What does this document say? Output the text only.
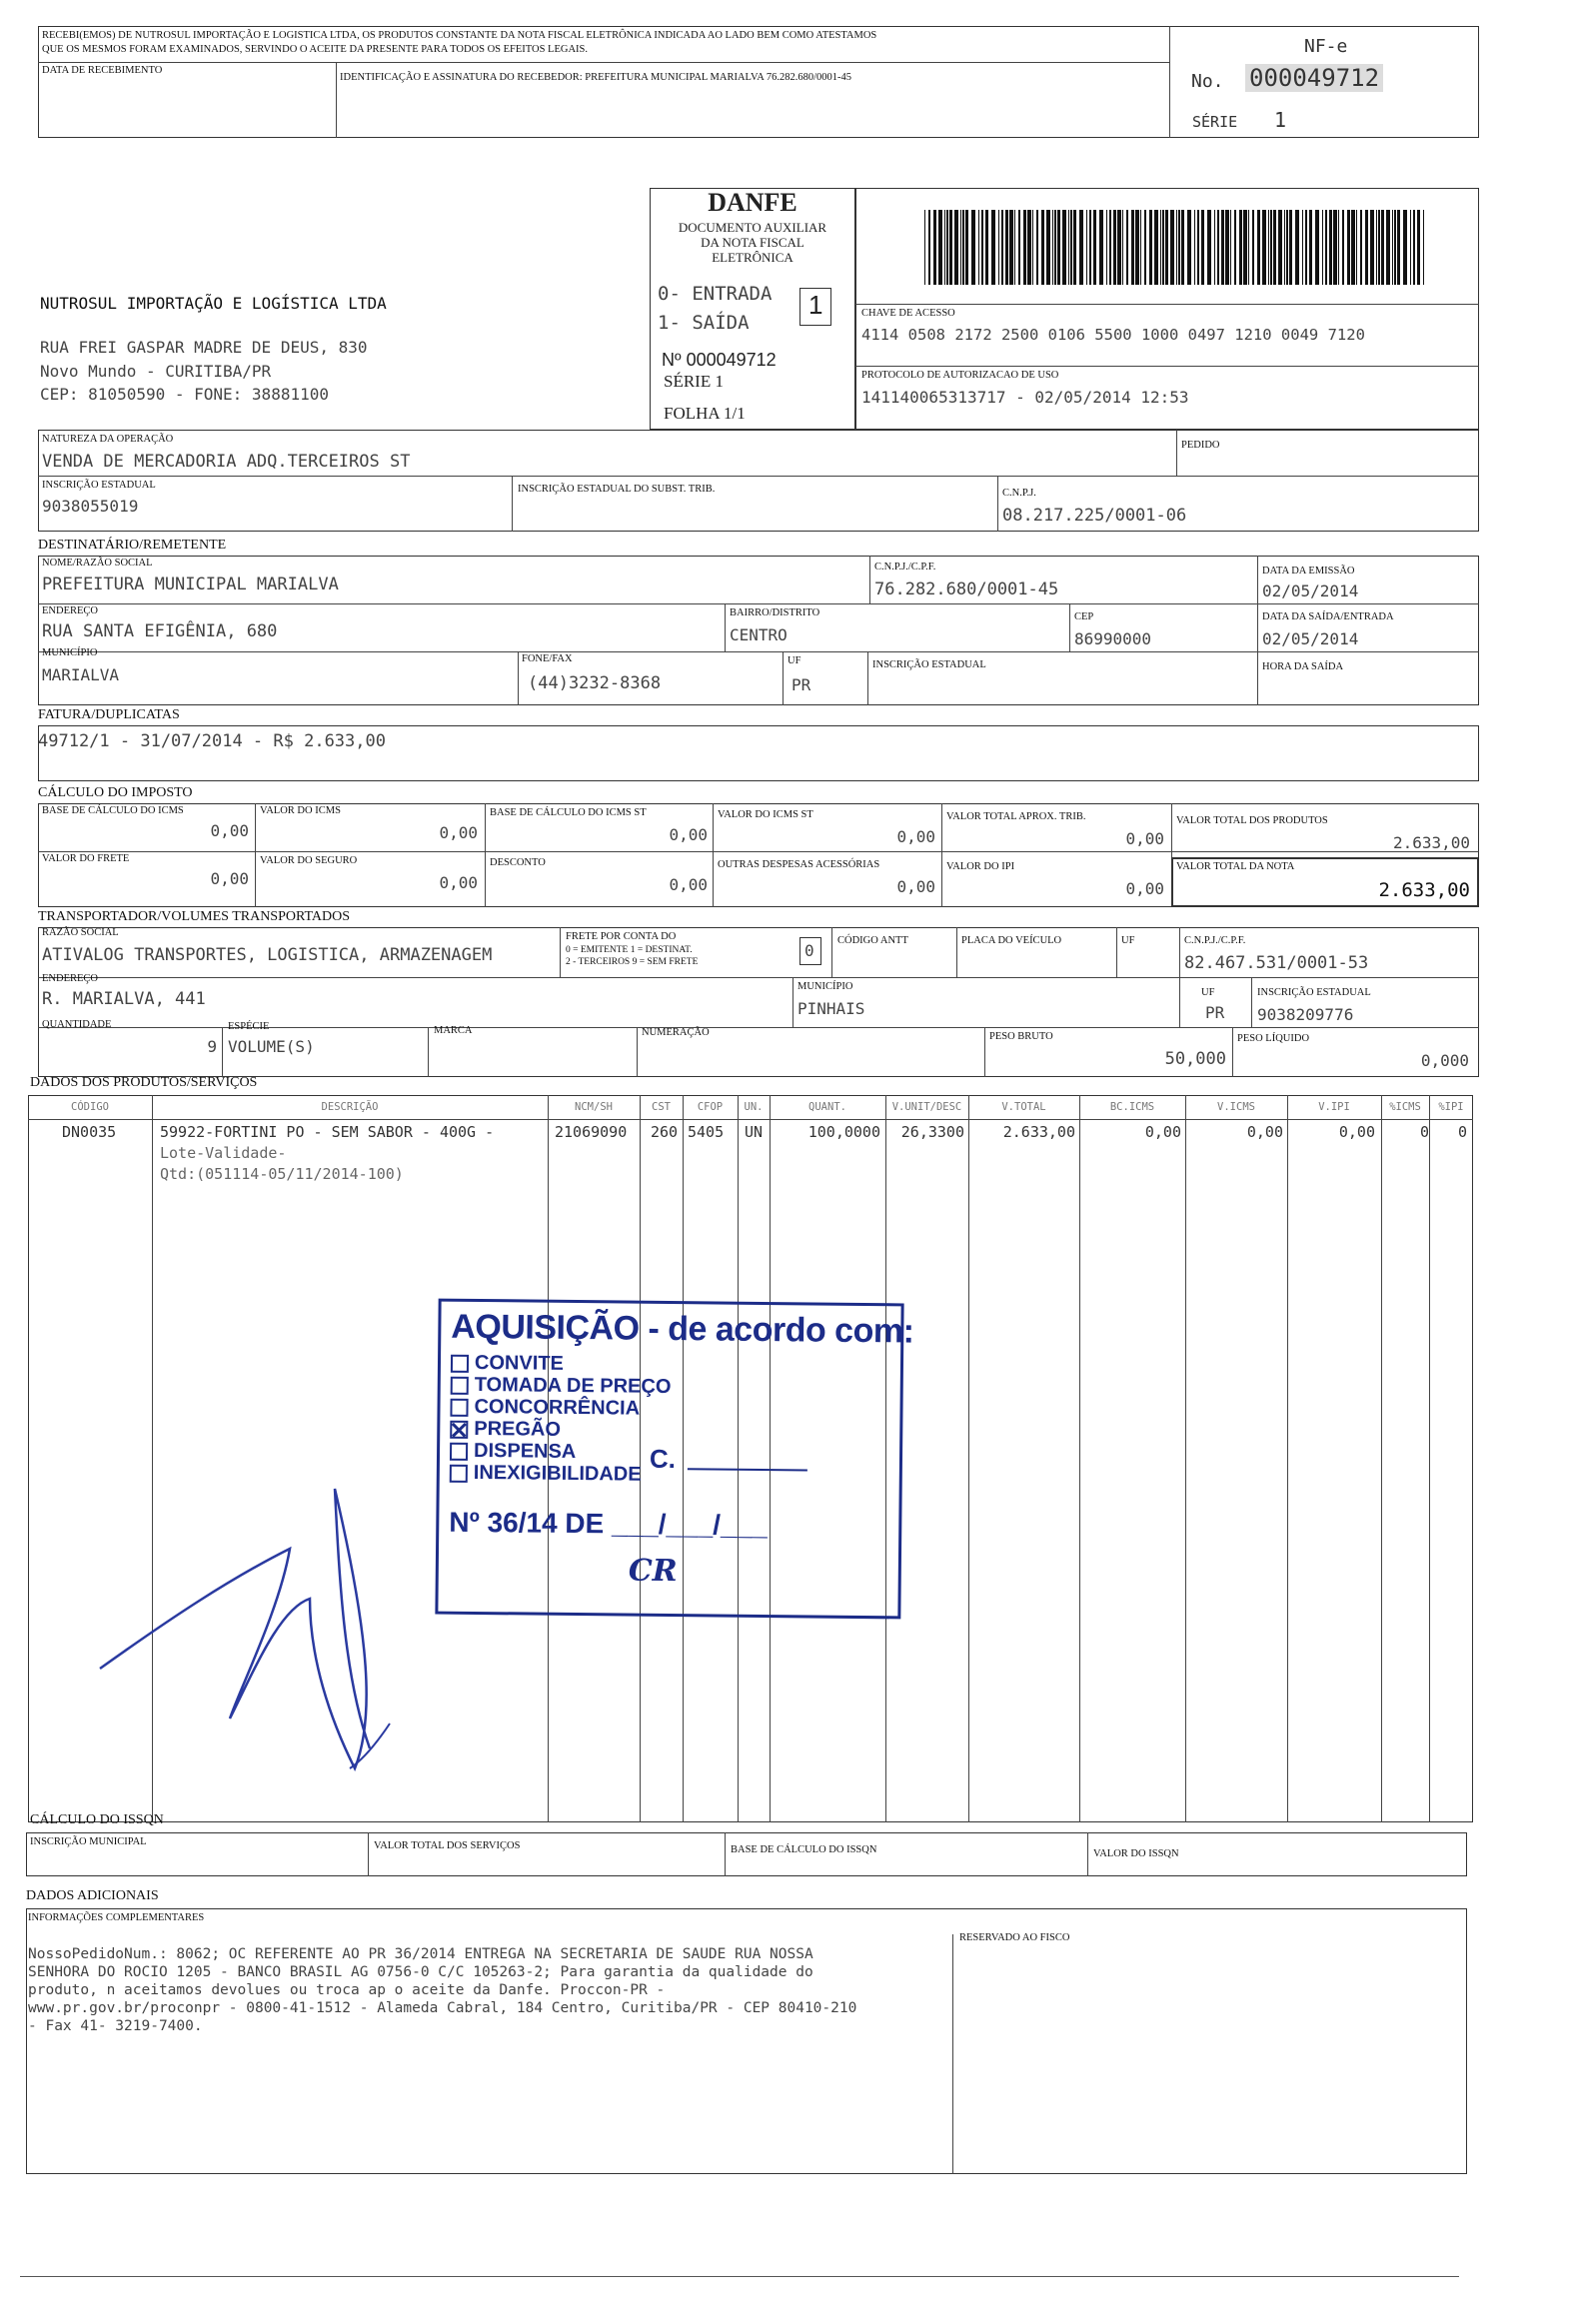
RECEBI(EMOS) DE NUTROSUL IMPORTAÇÃO E LOGISTICA LTDA, OS PRODUTOS CONSTANTE DA NOTA FISCAL ELETRÔNICA INDICADA AO LADO BEM COMO ATESTAMOS
QUE OS MESMOS FORAM EXAMINADOS, SERVINDO O ACEITE DA PRESENTE PARA TODOS OS EFEITOS LEGAIS.
DATA DE RECEBIMENTO
IDENTIFICAÇÃO E ASSINATURA DO RECEBEDOR: PREFEITURA MUNICIPAL MARIALVA 76.282.680/0001-45
NF-e
No. 000049712
SÉRIE 1
NUTROSUL IMPORTAÇÃO E LOGÍSTICA LTDA
RUA FREI GASPAR MADRE DE DEUS, 830
Novo Mundo - CURITIBA/PR
CEP: 81050590 - FONE: 38881100
DANFE
DOCUMENTO AUXILIAR
DA NOTA FISCAL
ELETRÔNICA
0- ENTRADA
1- SAÍDA
1
Nº 000049712
SÉRIE 1
FOLHA 1/1
CHAVE DE ACESSO
4114 0508 2172 2500 0106 5500 1000 0497 1210 0049 7120
PROTOCOLO DE AUTORIZACAO DE USO
141140065313717 - 02/05/2014 12:53
NATUREZA DA OPERAÇÃO
VENDA DE MERCADORIA ADQ.TERCEIROS ST
PEDIDO
INSCRIÇÃO ESTADUAL
9038055019
INSCRIÇÃO ESTADUAL DO SUBST. TRIB.	C.N.P.J.
08.217.225/0001-06
DESTINATÁRIO/REMETENTE
NOME/RAZÃO SOCIAL
PREFEITURA MUNICIPAL MARIALVA
C.N.P.J./C.P.F.
76.282.680/0001-45
DATA DA EMISSÃO
02/05/2014
ENDEREÇO
RUA SANTA EFIGÊNIA, 680
BAIRRO/DISTRITO
CENTRO
CEP
86990000
DATA DA SAÍDA/ENTRADA
02/05/2014
MUNICÍPIO
MARIALVA
FONE/FAX
(44)3232-8368
UF
PR
INSCRIÇÃO ESTADUAL	HORA DA SAÍDA
FATURA/DUPLICATAS
49712/1 - 31/07/2014 - R$ 2.633,00
CÁLCULO DO IMPOSTO
BASE DE CÁLCULO DO ICMS
0,00
VALOR DO ICMS
0,00
BASE DE CÁLCULO DO ICMS ST
0,00
VALOR DO ICMS ST
0,00
VALOR TOTAL APROX. TRIB.
0,00
VALOR TOTAL DOS PRODUTOS
2.633,00
VALOR DO FRETE
0,00
VALOR DO SEGURO
0,00
DESCONTO
0,00
OUTRAS DESPESAS ACESSÓRIAS
0,00
VALOR DO IPI
0,00
VALOR TOTAL DA NOTA
2.633,00
TRANSPORTADOR/VOLUMES TRANSPORTADOS
RAZÃO SOCIAL
ATIVALOG TRANSPORTES, LOGISTICA, ARMAZENAGEM
FRETE POR CONTA DO
0 = EMITENTE 1 = DESTINAT.
2 - TERCEIROS 9 = SEM FRETE
0
CÓDIGO ANTT	PLACA DO VEÍCULO	UF	C.N.P.J./C.P.F.
82.467.531/0001-53
ENDEREÇO
R. MARIALVA, 441
MUNICÍPIO
PINHAIS
UF
PR
INSCRIÇÃO ESTADUAL
9038209776
QUANTIDADE
9
ESPÉCIE
VOLUME(S)
MARCA	NUMERAÇÃO	PESO BRUTO
50,000
PESO LÍQUIDO
0,000
DADOS DOS PRODUTOS/SERVIÇOS
CÓDIGO	DESCRIÇÃO	NCM/SH	CST	CFOP	UN.	QUANT.	V.UNIT/DESC	V.TOTAL	BC.ICMS	V.ICMS	V.IPI	%ICMS	%IPI
DN0035	59922-FORTINI PO - SEM SABOR - 400G -
Lote-Validade-
Qtd:(051114-05/11/2014-100)
21069090 260 5405 UN	100,0000	26,3300	2.633,00	0,00	0,00	0,00	0	0
AQUISIÇÃO - de acordo com:
CONVITE
TOMADA DE PREÇO
CONCORRÊNCIA
PREGÃO
DISPENSA
INEXIGIBILIDADE C.
Nº 36/14 DE ___/___/___
CR
CÁLCULO DO ISSQN
INSCRIÇÃO MUNICIPAL	VALOR TOTAL DOS SERVIÇOS	BASE DE CÁLCULO DO ISSQN	VALOR DO ISSQN
DADOS ADICIONAIS
INFORMAÇÕES COMPLEMENTARES
NossoPedidoNum.: 8062; OC REFERENTE AO PR 36/2014 ENTREGA NA SECRETARIA DE SAUDE RUA NOSSA
SENHORA DO ROCIO 1205 - BANCO BRASIL AG 0756-0 C/C 105263-2; Para garantia da qualidade do
produto, n aceitamos devolues ou troca ap o aceite da Danfe. Proccon-PR -
www.pr.gov.br/proconpr - 0800-41-1512 - Alameda Cabral, 184 Centro, Curitiba/PR - CEP 80410-210
- Fax 41- 3219-7400.
RESERVADO AO FISCO
